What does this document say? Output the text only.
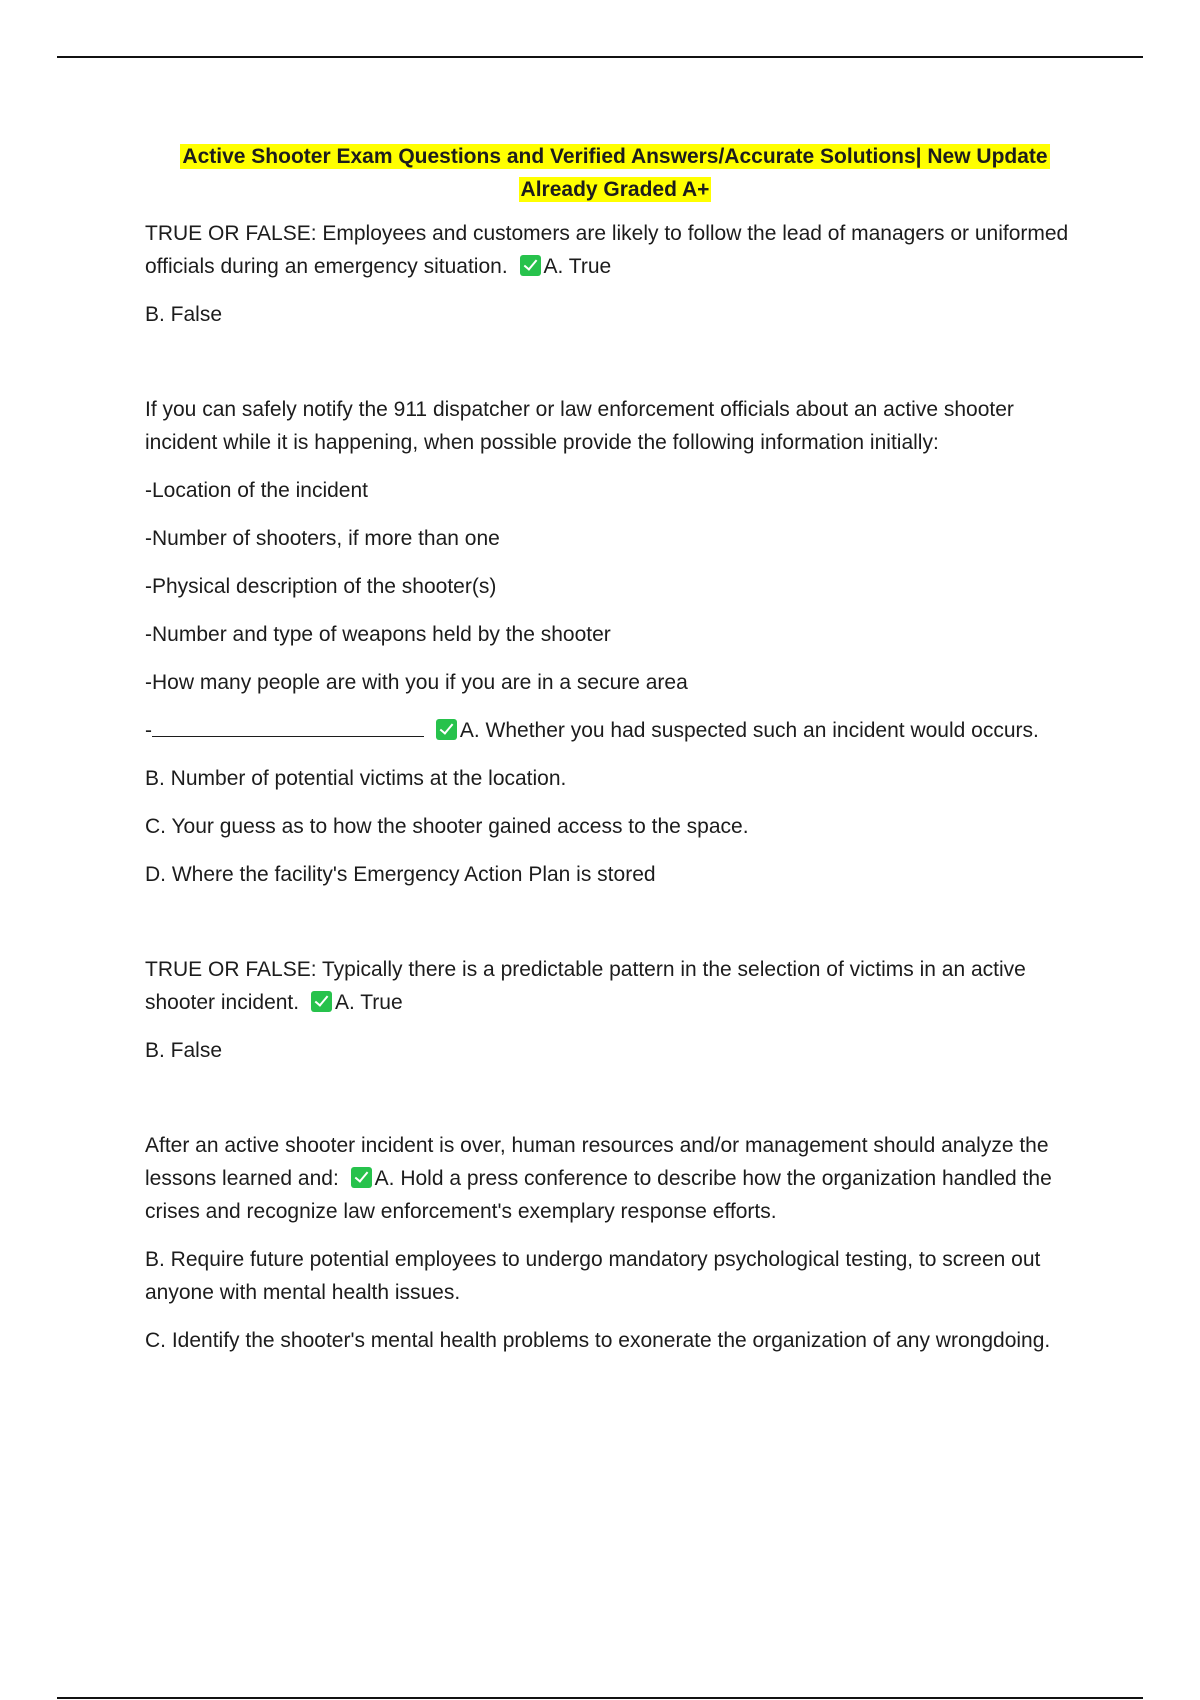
Active Shooter Exam Questions and Verified Answers/Accurate Solutions| New Update
Already Graded A+

TRUE OR FALSE: Employees and customers are likely to follow the lead of managers or uniformed officials during an emergency situation. A. True

B. False

If you can safely notify the 911 dispatcher or law enforcement officials about an active shooter incident while it is happening, when possible provide the following information initially:

-Location of the incident

-Number of shooters, if more than one

-Physical description of the shooter(s)

-Number and type of weapons held by the shooter

-How many people are with you if you are in a secure area

-	A. Whether you had suspected such an incident would occurs.

B. Number of potential victims at the location.

C. Your guess as to how the shooter gained access to the space.

D. Where the facility's Emergency Action Plan is stored

TRUE OR FALSE: Typically there is a predictable pattern in the selection of victims in an active shooter incident. A. True

B. False

After an active shooter incident is over, human resources and/or management should analyze the lessons learned and: A. Hold a press conference to describe how the organization handled the crises and recognize law enforcement's exemplary response efforts.

B. Require future potential employees to undergo mandatory psychological testing, to screen out anyone with mental health issues.

C. Identify the shooter's mental health problems to exonerate the organization of any wrongdoing.
